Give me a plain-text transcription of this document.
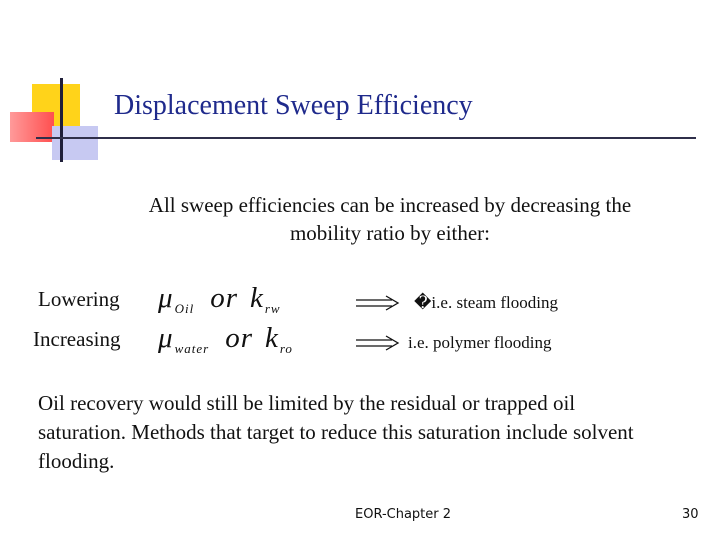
Displacement Sweep Efficiency
All sweep efficiencies can be increased by decreasing the
mobility ratio by either:
Lowering $\mu_{Oil}$ or $k_{rw}$	�i.e. steam flooding
Increasing $\mu_{water}$ or $k_{ro}$	i.e. polymer flooding
Oil recovery would still be limited by the residual or trapped oil saturation. Methods that target to reduce this saturation include solvent flooding.
EOR-Chapter 2	30
